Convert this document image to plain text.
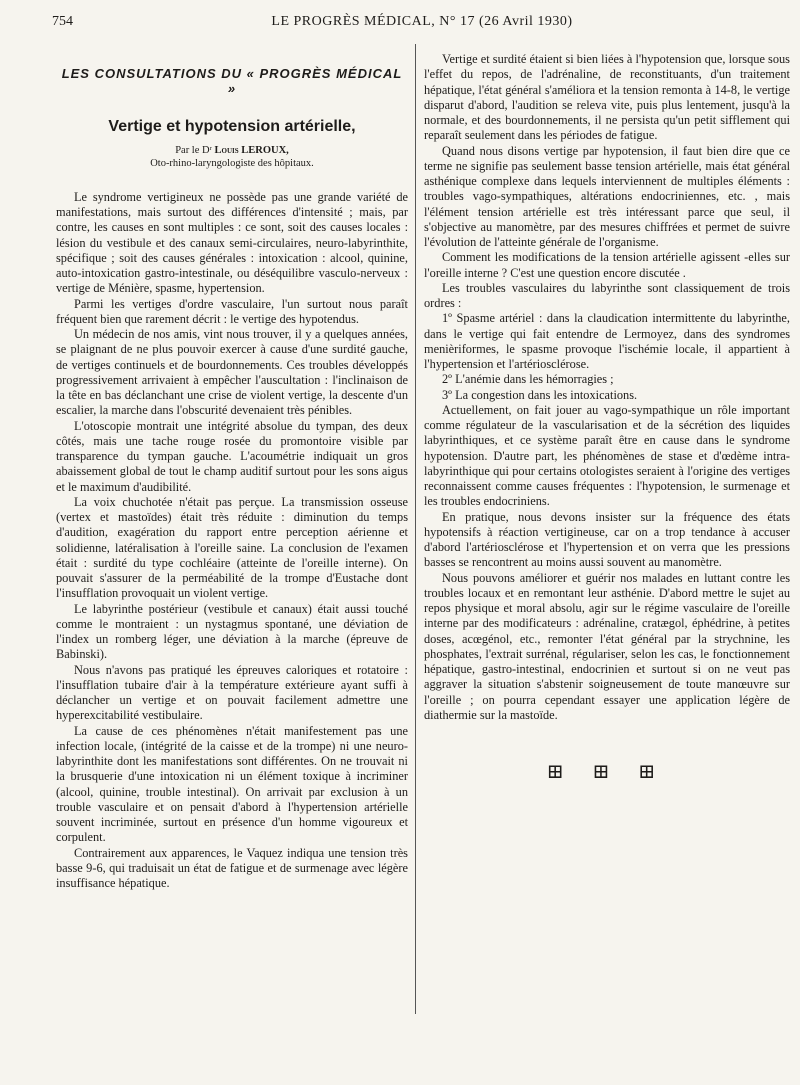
754	LE PROGRÈS MÉDICAL, N° 17 (26 Avril 1930)
LES CONSULTATIONS DU « PROGRÈS MÉDICAL »
Vertige et hypotension artérielle,
Par le Dʳ Louis LEROUX,
Oto-rhino-laryngologiste des hôpitaux.

Le syndrome vertigineux ne possède pas une grande variété de manifestations, mais surtout des différences d'intensité ; mais, par contre, les causes en sont multiples : ce sont, soit des causes locales : lésion du vestibule et des canaux semi-circulaires, neuro-labyrinthite, spécifique ; soit des causes générales : intoxication : alcool, quinine, auto-intoxication gastro-intestinale, ou déséquilibre vasculo-nerveux : vertige de Ménière, spasme, hypertension.

Parmi les vertiges d'ordre vasculaire, l'un surtout nous paraît fréquent bien que rarement décrit : le vertige des hypotendus.

Un médecin de nos amis, vint nous trouver, il y a quelques années, se plaignant de ne plus pouvoir exercer à cause d'une surdité gauche, de vertiges continuels et de bourdonnements. Ces troubles développés progressivement arrivaient à empêcher l'auscultation : l'inclinaison de la tête en bas déclanchant une crise de violent vertige, la descente d'un escalier, la marche dans l'obscurité devenaient très pénibles.

L'otoscopie montrait une intégrité absolue du tympan, des deux côtés, mais une tache rouge rosée du promontoire visible par transparence du tympan gauche. L'acoumétrie indiquait un gros abaissement global de tout le champ auditif surtout pour les sons aigus et le maximum d'audibilité.

La voix chuchotée n'était pas perçue. La transmission osseuse (vertex et mastoïdes) était très réduite : diminution du temps d'audition, exagération du rapport entre perception aérienne et solidienne, latéralisation à l'oreille saine. La conclusion de l'examen était : surdité du type cochléaire (atteinte de l'oreille interne). On pouvait s'assurer de la perméabilité de la trompe d'Eustache dont l'insufflation provoquait un violent vertige.

Le labyrinthe postérieur (vestibule et canaux) était aussi touché comme le montraient : un nystagmus spontané, une déviation de l'index un romberg léger, une déviation à la marche (épreuve de Babinski).

Nous n'avons pas pratiqué les épreuves caloriques et rotatoire : l'insufflation tubaire d'air à la température extérieure ayant suffi à déclancher un vertige et on pouvait facilement admettre une hyperexcitabilité vestibulaire.

La cause de ces phénomènes n'était manifestement pas une infection locale, (intégrité de la caisse et de la trompe) ni une neuro-labyrinthite dont les manifestations sont différentes. On ne trouvait ni la brusquerie d'une intoxication ni un élément toxique à incriminer (alcool, quinine, trouble intestinal). On arrivait par exclusion à un trouble vasculaire et on pensait d'abord à l'hypertension artérielle souvent incriminée, surtout en présence d'un homme vigoureux et corpulent.

Contrairement aux apparences, le Vaquez indiqua une tension très basse 9-6, qui traduisait un état de fatigue et de surmenage avec légère insuffisance hépatique.

Vertige et surdité étaient si bien liées à l'hypotension que, lorsque sous l'effet du repos, de l'adrénaline, de reconstituants, d'un traitement hépatique, l'état général s'améliora et la tension remonta à 14-8, le vertige disparut d'abord, l'audition se releva vite, puis plus lentement, jusqu'à la normale, et des bourdonnements, il ne persista qu'un petit sifflement qui reparaît seulement dans les périodes de fatigue.

Quand nous disons vertige par hypotension, il faut bien dire que ce terme ne signifie pas seulement basse tension artérielle, mais état général asthénique complexe dans lequels interviennent de multiples éléments : troubles vago-sympathiques, altérations endocriniennes, etc. , mais l'élément tension artérielle est très intéressant parce que seul, il s'objective au manomètre, par des mesures chiffrées et permet de suivre l'évolution de l'atteinte générale de l'organisme.

Comment les modifications de la tension artérielle agissent -elles sur l'oreille interne ? C'est une question encore discutée .

Les troubles vasculaires du labyrinthe sont classiquement de trois ordres :

1º Spasme artériel : dans la claudication intermittente du labyrinthe, dans le vertige qui fait entendre de Lermoyez, dans des syndromes menièriformes, le spasme provoque l'ischémie locale, il appartient à l'hypertension et l'artériosclérose.

2º L'anémie dans les hémorragies ;

3º La congestion dans les intoxications.

Actuellement, on fait jouer au vago-sympathique un rôle important comme régulateur de la vascularisation et de la sécrétion des liquides labyrinthiques, et ce système paraît être en cause dans le syndrome hypotension. D'autre part, les phénomènes de stase et d'œdème intra-labyrinthique qui pour certains otologistes seraient à l'origine des vertiges reconnaissent comme causes fréquentes : l'hypotension, le surmenage et les troubles endocriniens.

En pratique, nous devons insister sur la fréquence des états hypotensifs à réaction vertigineuse, car on a trop tendance à accuser d'abord l'artériosclérose et l'hypertension et on verra que les pressions basses se rencontrent au moins aussi souvent au manomètre.

Nous pouvons améliorer et guérir nos malades en luttant contre les troubles locaux et en remontant leur asthénie. D'abord mettre le sujet au repos physique et moral absolu, agir sur le régime vasculaire de l'oreille interne par des modificateurs : adrénaline, cratægol, éphédrine, à petites doses, acœgénol, etc., remonter l'état général par la strychnine, les phosphates, l'extrait surrénal, régulariser, selon les cas, le fonctionnement hépatique, gastro-intestinal, endocrinien et surtout si on ne veut pas aggraver la situation s'abstenir soigneusement de toute manœuvre sur l'oreille ; on pourra cependant essayer une application légère de diathermie sur la mastoïde.

⊞ ⊞ ⊞
